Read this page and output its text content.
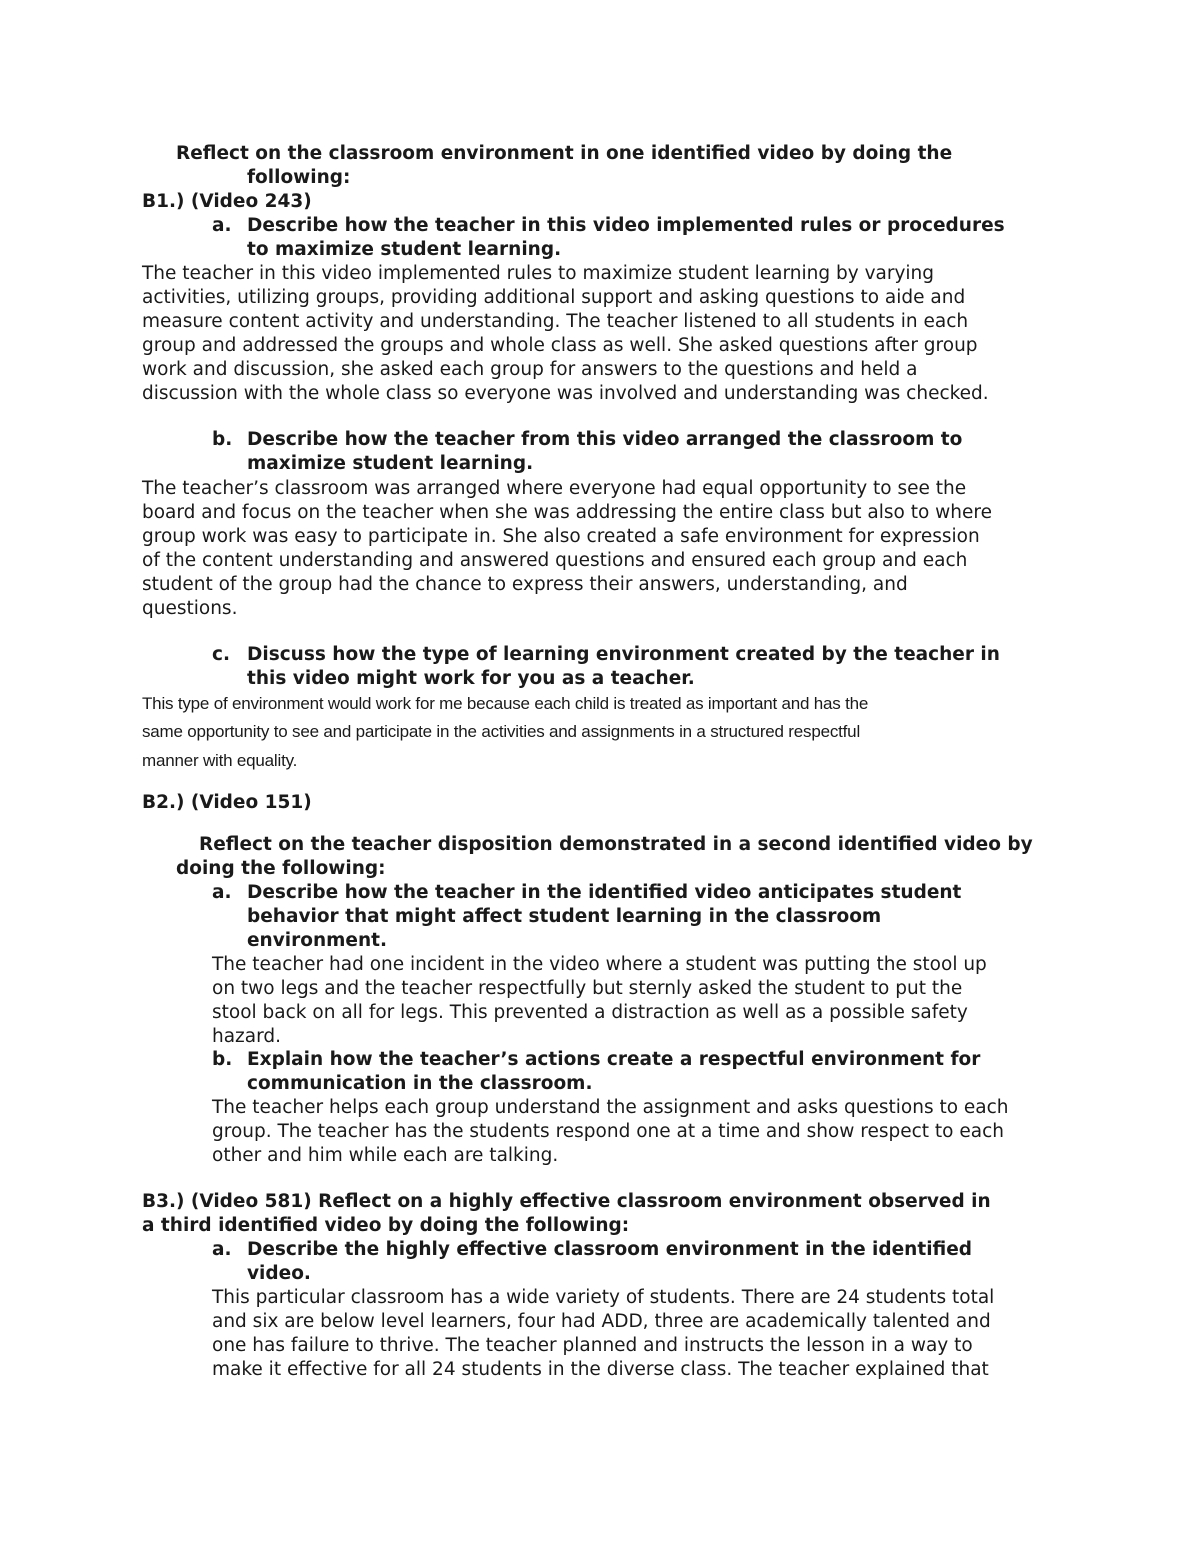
Reflect on the classroom environment in one identified video by doing the
following:
B1.) (Video 243)
a. Describe how the teacher in this video implemented rules or procedures
to maximize student learning.
The teacher in this video implemented rules to maximize student learning by varying
activities, utilizing groups, providing additional support and asking questions to aide and
measure content activity and understanding. The teacher listened to all students in each
group and addressed the groups and whole class as well. She asked questions after group
work and discussion, she asked each group for answers to the questions and held a
discussion with the whole class so everyone was involved and understanding was checked.
b. Describe how the teacher from this video arranged the classroom to
maximize student learning.
The teacher’s classroom was arranged where everyone had equal opportunity to see the
board and focus on the teacher when she was addressing the entire class but also to where
group work was easy to participate in. She also created a safe environment for expression
of the content understanding and answered questions and ensured each group and each
student of the group had the chance to express their answers, understanding, and
questions.
c. Discuss how the type of learning environment created by the teacher in
this video might work for you as a teacher.
This type of environment would work for me because each child is treated as important and has the
same opportunity to see and participate in the activities and assignments in a structured respectful
manner with equality.
B2.) (Video 151)
Reflect on the teacher disposition demonstrated in a second identified video by
doing the following:
a. Describe how the teacher in the identified video anticipates student
behavior that might affect student learning in the classroom
environment.
The teacher had one incident in the video where a student was putting the stool up
on two legs and the teacher respectfully but sternly asked the student to put the
stool back on all for legs. This prevented a distraction as well as a possible safety
hazard.
b. Explain how the teacher’s actions create a respectful environment for
communication in the classroom.
The teacher helps each group understand the assignment and asks questions to each
group. The teacher has the students respond one at a time and show respect to each
other and him while each are talking.
B3.) (Video 581) Reflect on a highly effective classroom environment observed in
a third identified video by doing the following:
a. Describe the highly effective classroom environment in the identified
video.
This particular classroom has a wide variety of students. There are 24 students total
and six are below level learners, four had ADD, three are academically talented and
one has failure to thrive. The teacher planned and instructs the lesson in a way to
make it effective for all 24 students in the diverse class. The teacher explained that
